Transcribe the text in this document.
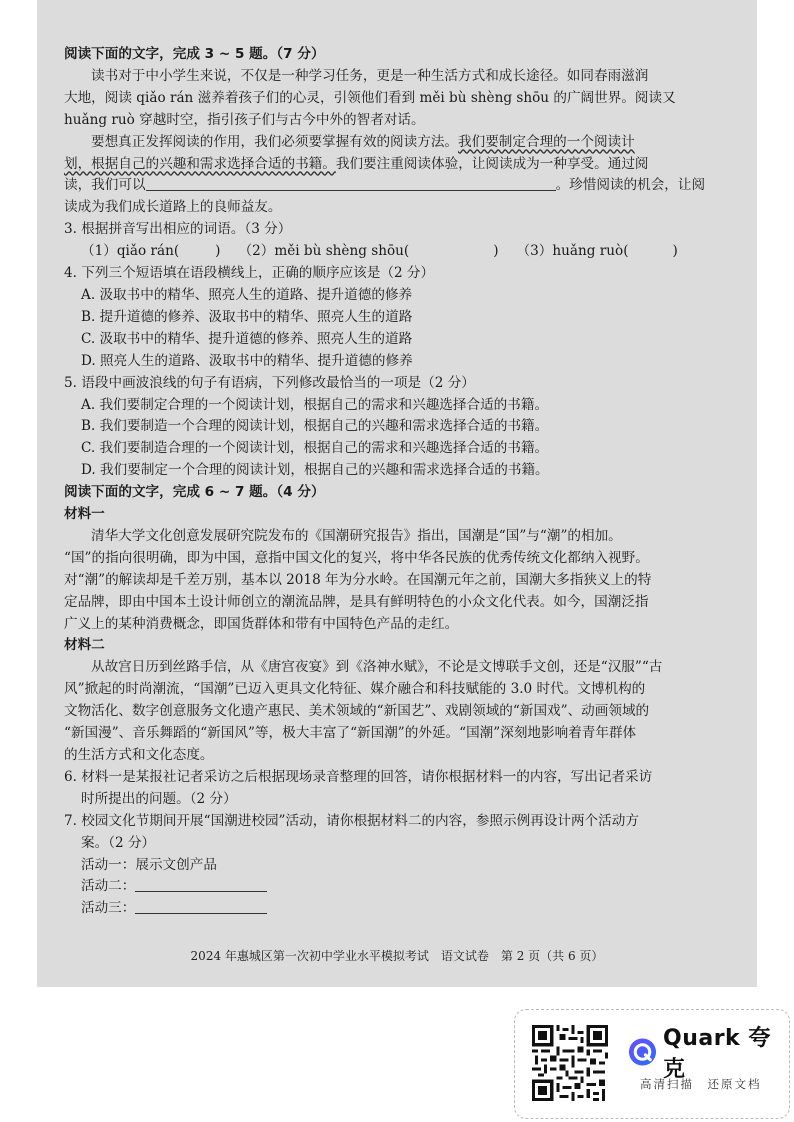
阅读下面的文字，完成 3 ~ 5 题。（7 分）
读书对于中小学生来说，不仅是一种学习任务，更是一种生活方式和成长途径。如同春雨滋润
大地，阅读 qiǎo rán 滋养着孩子们的心灵，引领他们看到 měi bù shèng shōu 的广阔世界。阅读又
huǎng ruò 穿越时空，指引孩子们与古今中外的智者对话。
要想真正发挥阅读的作用，我们必须要掌握有效的阅读方法。我们要制定合理的一个阅读计
划，根据自己的兴趣和需求选择合适的书籍。我们要注重阅读体验，让阅读成为一种享受。通过阅
读，我们可以	。珍惜阅读的机会，让阅
读成为我们成长道路上的良师益友。
3. 根据拼音写出相应的词语。（3 分）
（1）qiǎo rán(	) （2）měi bù shèng shōu(	) （3）huǎng ruò(	)
4. 下列三个短语填在语段横线上，正确的顺序应该是（2 分）
A. 汲取书中的精华、照亮人生的道路、提升道德的修养
B. 提升道德的修养、汲取书中的精华、照亮人生的道路
C. 汲取书中的精华、提升道德的修养、照亮人生的道路
D. 照亮人生的道路、汲取书中的精华、提升道德的修养
5. 语段中画波浪线的句子有语病，下列修改最恰当的一项是（2 分）
A. 我们要制定合理的一个阅读计划，根据自己的需求和兴趣选择合适的书籍。
B. 我们要制造一个合理的阅读计划，根据自己的兴趣和需求选择合适的书籍。
C. 我们要制造合理的一个阅读计划，根据自己的需求和兴趣选择合适的书籍。
D. 我们要制定一个合理的阅读计划，根据自己的兴趣和需求选择合适的书籍。
阅读下面的文字，完成 6 ~ 7 题。（4 分）
材料一
清华大学文化创意发展研究院发布的《国潮研究报告》指出，国潮是“国”与“潮”的相加。
“国”的指向很明确，即为中国，意指中国文化的复兴，将中华各民族的优秀传统文化都纳入视野。
对“潮”的解读却是千差万别，基本以 2018 年为分水岭。在国潮元年之前，国潮大多指狭义上的特
定品牌，即由中国本土设计师创立的潮流品牌，是具有鲜明特色的小众文化代表。如今，国潮泛指
广义上的某种消费概念，即国货群体和带有中国特色产品的走红。
材料二
从故宫日历到丝路手信，从《唐宫夜宴》到《洛神水赋》，不论是文博联手文创，还是“汉服”“古
风”掀起的时尚潮流，“国潮”已迈入更具文化特征、媒介融合和科技赋能的 3.0 时代。文博机构的
文物活化、数字创意服务文化遗产惠民、美术领域的“新国艺”、戏剧领域的“新国戏”、动画领域的
“新国漫”、音乐舞蹈的“新国风”等，极大丰富了“新国潮”的外延。“国潮”深刻地影响着青年群体
的生活方式和文化态度。
6. 材料一是某报社记者采访之后根据现场录音整理的回答，请你根据材料一的内容，写出记者采访
时所提出的问题。（2 分）
7. 校园文化节期间开展“国潮进校园”活动，请你根据材料二的内容，参照示例再设计两个活动方
案。（2 分）
活动一：展示文创产品
活动二：
活动三：
2024 年惠城区第一次初中学业水平模拟考试　语文试卷　第 2 页（共 6 页）
Quark 夸克
高清扫描　还原文档
